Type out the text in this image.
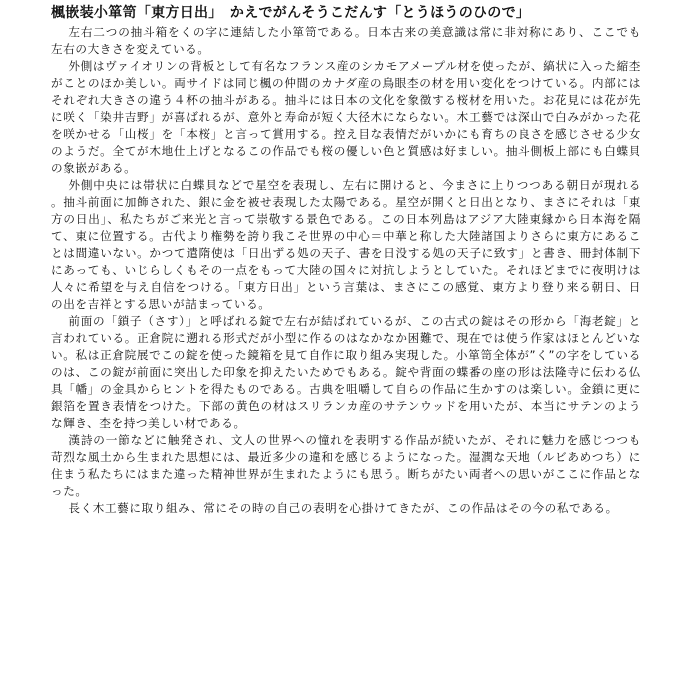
楓嵌装小箪笥「東方日出」　かえでがんそうこだんす「とうほうのひので」

左右二つの抽斗箱をくの字に連結した小箪笥である。日本古来の美意識は常に非対称にあり、ここでも左右の大きさを変えている。

外側はヴァイオリンの背板として有名なフランス産のシカモアメープル材を使ったが、縞状に入った縮杢がことのほか美しい。両サイドは同じ楓の仲間のカナダ産の鳥眼杢の材を用い変化をつけている。内部にはそれぞれ大きさの違う４杯の抽斗がある。抽斗には日本の文化を象徴する桜材を用いた。お花見には花が先に咲く「染井吉野」が喜ばれるが、意外と寿命が短く大径木にならない。木工藝では深山で白みがかった花を咲かせる「山桜」を「本桜」と言って賞用する。控え目な表情だがいかにも育ちの良さを感じさせる少女のようだ。全てが木地仕上げとなるこの作品でも桜の優しい色と質感は好ましい。抽斗側板上部にも白蝶貝の象嵌がある。

外側中央には帯状に白蝶貝などで星空を表現し、左右に開けると、今まさに上りつつある朝日が現れる。抽斗前面に加飾された、銀に金を被せ表現した太陽である。星空が開くと日出となり、まさにそれは「東方の日出」、私たちがご来光と言って崇敬する景色である。この日本列島はアジア大陸東縁から日本海を隔て、東に位置する。古代より権勢を誇り我こそ世界の中心＝中華と称した大陸諸国よりさらに東方にあることは間違いない。かつて遣隋使は「日出ずる処の天子、書を日没する処の天子に致す」と書き、冊封体制下にあっても、いじらしくもその一点をもって大陸の国々に対抗しようとしていた。それほどまでに夜明けは人々に希望を与え自信をつける。「東方日出」という言葉は、まさにこの感覚、東方より登り来る朝日、日の出を吉祥とする思いが詰まっている。

前面の「鎖子（さす）」と呼ばれる錠で左右が結ばれているが、この古式の錠はその形から「海老錠」と言われている。正倉院に遡れる形式だが小型に作るのはなかなか困難で、現在では使う作家はほとんどいない。私は正倉院展でこの錠を使った鏡箱を見て自作に取り組み実現した。小箪笥全体が”く”の字をしているのは、この錠が前面に突出した印象を抑えたいためでもある。錠や背面の蝶番の座の形は法隆寺に伝わる仏具「幡」の金具からヒントを得たものである。古典を咀嚼して自らの作品に生かすのは楽しい。金鎖に更に銀箔を置き表情をつけた。下部の黄色の材はスリランカ産のサテンウッドを用いたが、本当にサテンのような輝き、杢を持つ美しい材である。

漢詩の一節などに触発され、文人の世界への憧れを表明する作品が続いたが、それに魅力を感じつつも苛烈な風土から生まれた思想には、最近多少の違和を感じるようになった。湿潤な天地（ルビあめつち）に住まう私たちにはまた違った精神世界が生まれたようにも思う。断ちがたい両者への思いがここに作品となった。

長く木工藝に取り組み、常にその時の自己の表明を心掛けてきたが、この作品はその今の私である。
